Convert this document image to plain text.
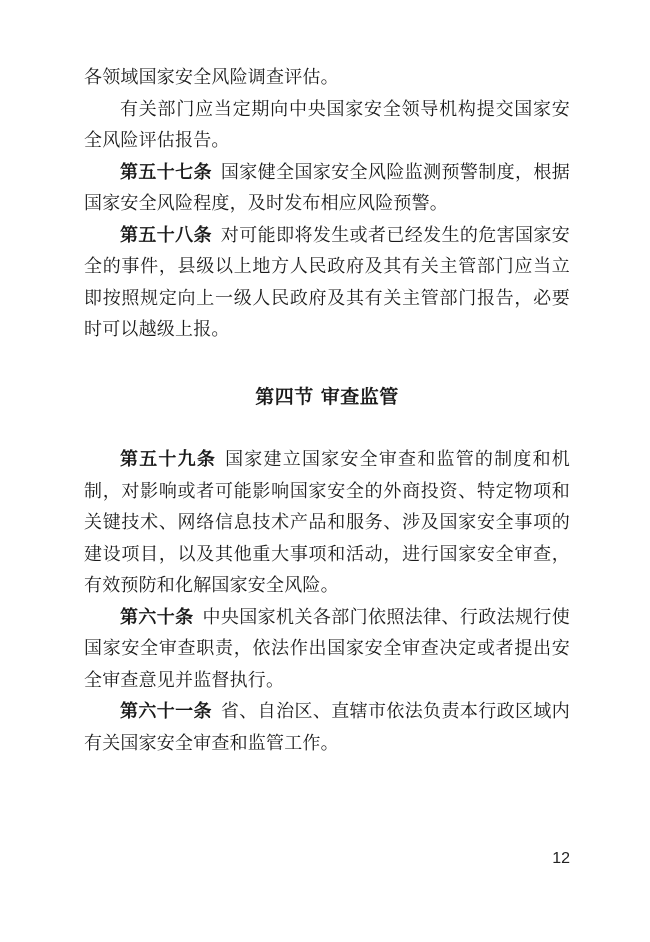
各领域国家安全风险调查评估。

有关部门应当定期向中央国家安全领导机构提交国家安全风险评估报告。

第五十七条 国家健全国家安全风险监测预警制度，根据国家安全风险程度，及时发布相应风险预警。

第五十八条 对可能即将发生或者已经发生的危害国家安全的事件，县级以上地方人民政府及其有关主管部门应当立即按照规定向上一级人民政府及其有关主管部门报告，必要时可以越级上报。

第四节 审查监管

第五十九条 国家建立国家安全审查和监管的制度和机制，对影响或者可能影响国家安全的外商投资、特定物项和关键技术、网络信息技术产品和服务、涉及国家安全事项的建设项目，以及其他重大事项和活动，进行国家安全审查，有效预防和化解国家安全风险。

第六十条 中央国家机关各部门依照法律、行政法规行使国家安全审查职责，依法作出国家安全审查决定或者提出安全审查意见并监督执行。

第六十一条 省、自治区、直辖市依法负责本行政区域内有关国家安全审查和监管工作。

12
